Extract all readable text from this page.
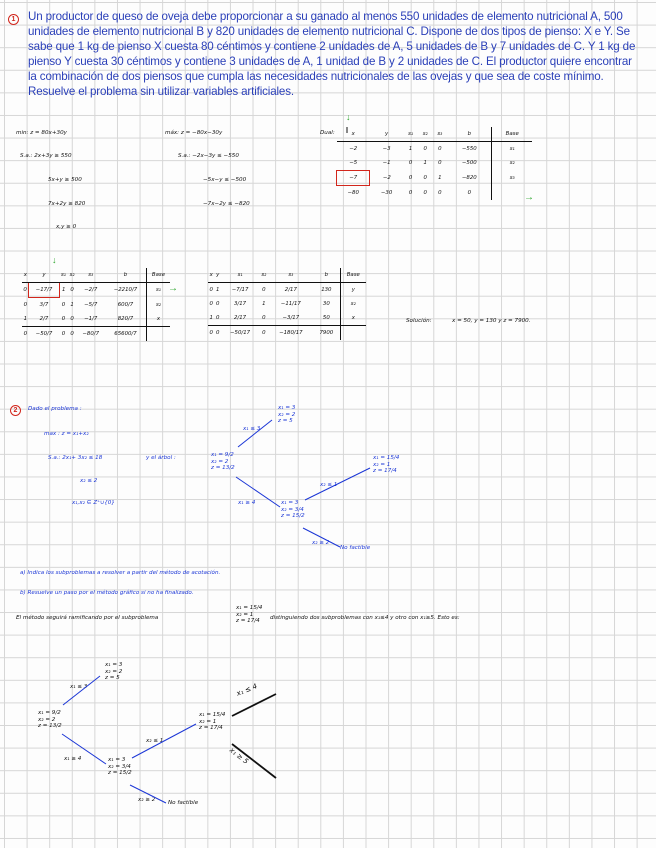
1	Un productor de queso de oveja debe proporcionar a su ganado al menos 550 unidades de elemento nutricional A, 500 unidades de elemento nutricional B y 820 unidades de elemento nutricional C. Dispone de dos tipos de pienso: X e Y. Se sabe que 1 kg de pienso X cuesta 80 céntimos y contiene 2 unidades de A, 5 unidades de B y 7 unidades de C. Y 1 kg de pienso Y cuesta 30 céntimos y contiene 3 unidades de A, 1 unidad de B y 2 unidades de C. El productor quiere encontrar la combinación de dos piensos que cumpla las necesidades nutricionales de las ovejas y que sea de coste mínimo. Resuelve el problema sin utilizar variables artificiales.
min: z = 80x+30y
S.a.: 2x+3y ≥ 550
5x+y ≥ 500
7x+2y ≥ 820
x,y ≥ 0
máx: z = −80x−30y
S.a.: −2x−3y ≤ −550
−5x−y ≤ −500
−7x−2y ≤ −820
Dual:
↓
x	y	s₁	s₂	s₃	b	Base
−2	−3	1	0	0	−550	s₁
−5	−1	0	1	0	−500	s₂
−7	−2	0	0	1	−820	s₃
−80	−30	0	0	0	0		→
↓
x	y	s₁	s₂	s₃	b	Base
0	−17/7	1	0	−2/7	−2210/7	s₁
0	3/7	0	1	−5/7	600/7	s₂
1	2/7	0	0	−1/7	820/7	x
0	−50/7	0	0	−80/7	65600/7	
→
x	y	s₁	s₂	s₃	b	Base
0	1	−7/17	0	2/17	130	y
0	0	3/17	1	−11/17	30	s₂
1	0	2/17	0	−3/17	50	x
0	0	−50/17	0	−180/17	7900	
Solución:	x = 50, y = 130 y z = 7900.
2	Dado el problema :
max : z = x₁+x₂
S.a.: 2x₁+ 3x₂ ≤ 18
x₂ ≤ 2
x₁,x₂ ∈ Z⁺∪{0}
y el árbol :	x₁ = 9/2
x₂ = 2
z = 13/2
x₁ = 3
x₂ = 2
z = 5
x₁ = 3
x₂ = 3/4
z = 15/2
x₁ = 15/4
x₂ = 1
z = 17/4
x₁ ≤ 3
x₁ ≥ 4
x₂ ≤ 1
x₂ ≥ 2
No factible
a) Indica los subproblemas a resolver a partir del método de acotación.
b) Resuelve un paso por el método gráfico si no ha finalizado.
El método seguirá ramificando por el subproblema
x₁ = 15/4
x₂ = 1
z = 17/4
distinguiendo dos subproblemas con x₁≤4 y otro con x₁≥5. Esto es:
x₁ = 9/2
x₂ = 2
z = 13/2
x₁ = 3
x₂ = 2
z = 5
x₁ = 3
x₂ = 3/4
z = 15/2
x₁ = 15/4
x₂ = 1
z = 17/4
x₁ ≤ 3
x₁ ≥ 4
x₂ ≤ 1
x₂ ≥ 2 No factible
x₁ ≤ 4
x₁ ≥ 5
